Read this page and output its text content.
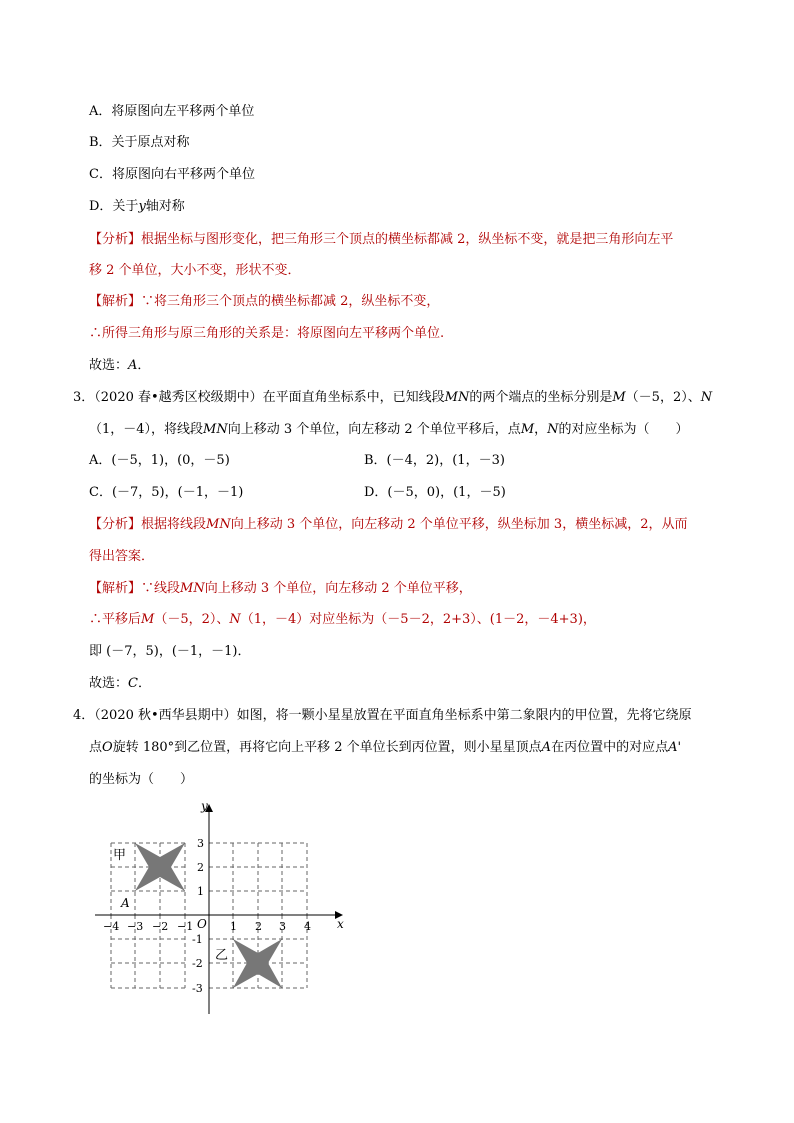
A．将原图向左平移两个单位
B．关于原点对称
C．将原图向右平移两个单位
D．关于y轴对称
【分析】根据坐标与图形变化，把三角形三个顶点的横坐标都减 2，纵坐标不变，就是把三角形向左平
移 2 个单位，大小不变，形状不变．
【解析】∵将三角形三个顶点的横坐标都减 2，纵坐标不变，
∴所得三角形与原三角形的关系是：将原图向左平移两个单位.
故选：A．
3．（2020 春•越秀区校级期中）在平面直角坐标系中，已知线段MN的两个端点的坐标分别是M（－5，2）、N
（1，－4），将线段MN向上移动 3 个单位，向左移动 2 个单位平移后，点M，N的对应坐标为（　　）
A．(－5，1)，(0，－5)	B．(－4，2)，(1，－3)
C．(－7，5)，(－1，－1)	D．(－5，0)，(1，－5)
【分析】根据将线段MN向上移动 3 个单位，向左移动 2 个单位平移，纵坐标加 3，横坐标减，2，从而
得出答案．
【解析】∵线段MN向上移动 3 个单位，向左移动 2 个单位平移，
∴平移后M（－5，2）、N（1，－4）对应坐标为（－5－2，2+3）、(1－2，－4+3)，
即 (－7，5)，(－1，－1)．
故选：C．
4．（2020 秋•西华县期中）如图，将一颗小星星放置在平面直角坐标系中第二象限内的甲位置，先将它绕原
点O旋转 180°到乙位置，再将它向上平移 2 个单位长到丙位置，则小星星顶点A在丙位置中的对应点A'
的坐标为（　　）
y
x
O
−4 −3 −2 −1	1 2 3 4
3
2
1
-1
-2
-3
甲
乙
A
